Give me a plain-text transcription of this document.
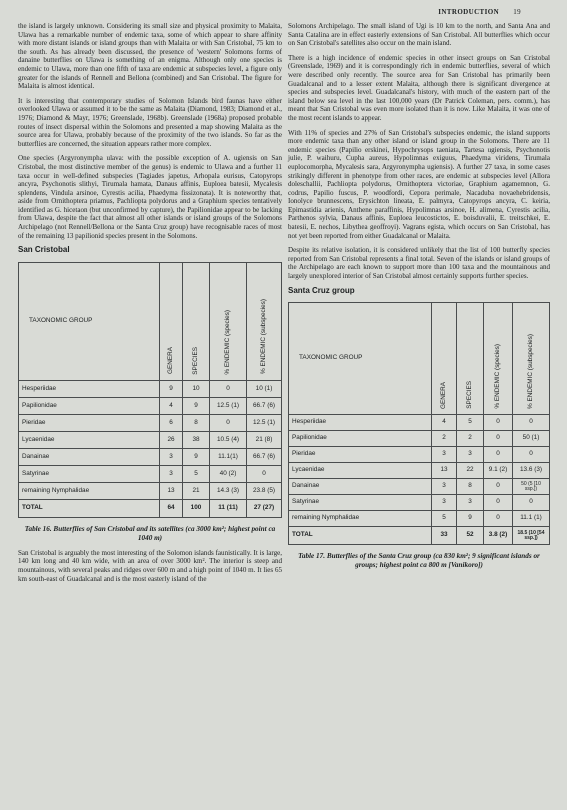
INTRODUCTION 19

the island is largely unknown. Considering its small size and physical proximity to Malaita, Ulawa has a remarkable number of endemic taxa, some of which appear to share affinity with more distant islands or island groups than with Malaita or with San Cristobal, 75 km to the south. As has already been discussed, the presence of 'western' Solomons forms of danaine butterflies on Ulawa is something of an enigma. Although only one species is endemic to Ulawa, more than one fifth of taxa are endemic at subspecies level, a figure only greater for the islands of Rennell and Bellona (combined) and San Cristobal. The figure for Malaita is almost identical.

It is interesting that contemporary studies of Solomon Islands bird faunas have either overlooked Ulawa or assumed it to be the same as Malaita (Diamond, 1983; Diamond et al., 1976; Diamond & Mayr, 1976; Greenslade, 1968b). Greenslade (1968a) proposed probable routes of insect dispersal within the Solomons and presented a map showing Malaita as the source area for Ulawa, probably because of the proximity of the two islands. So far as the butterflies are concerned, the situation appears rather more complex.

One species (Argyronympha ulava: with the possible exception of A. ugiensis on San Cristobal, the most distinctive member of the genus) is endemic to Ulawa and a further 11 taxa occur in well-defined subspecies (Tagiades japetus, Arhopala eurisus, Catopyrops ancyra, Psychonotis slithyi, Tirumala hamata, Danaus affinis, Euploea batesii, Mycalesis splendens, Vindula arsinoe, Cyrestis acilia, Phaedyma fissizonata). It is noteworthy that, aside from Ornithoptera priamus, Pachliopta polydorus and a Graphium species tentatively identified as G. hicetaon (but unconfirmed by capture), the Papilionidae appear to be lacking from Ulawa, despite the fact that almost all other islands or island groups of the Solomons Archipelago (not Rennell/Bellona or the Santa Cruz group) have recognisable races of most of the remaining 13 papilionid species present in the Solomons.

San Cristobal
TAXONOMIC GROUP	GENERA	SPECIES	% ENDEMIC (species)	% ENDEMIC (subspecies)
Hesperiidae	9	10	0	10 (1)
Papilionidae	4	9	12.5 (1)	66.7 (6)
Pieridae	6	8	0	12.5 (1)
Lycaenidae	26	38	10.5 (4)	21 (8)
Danainae	3	9	11.1(1)	66.7 (6)
Satyrinae	3	5	40 (2)	0
remaining Nymphalidae	13	21	14.3 (3)	23.8 (5)
TOTAL	64	100	11 (11)	27 (27)
Table 16. Butterflies of San Cristobal and its satellites (ca 3000 km²; highest point ca 1040 m)

San Cristobal is arguably the most interesting of the Solomon islands faunistically. It is large, 140 km long and 40 km wide, with an area of over 3000 km². The interior is steep and mountainous, with several peaks and ridges over 600 m and a high point of 1040 m. It lies 65 km south-east of Guadalcanal and is the most easterly island of the

Solomons Archipelago. The small island of Ugi is 10 km to the north, and Santa Ana and Santa Catalina are in effect easterly extensions of San Cristobal. All butterflies which occur on San Cristobal's satellites also occur on the main island.

There is a high incidence of endemic species in other insect groups on San Cristobal (Greenslade, 1969) and it is correspondingly rich in endemic butterflies, several of which were described only recently. The source area for San Cristobal has primarily been Guadalcanal and to a lesser extent Malaita, although there is significant divergence at species and subspecies level. Guadalcanal's history, with much of the eastern part of the island below sea level in the last 100,000 years (Dr Patrick Coleman, pers. comm.), has meant that San Cristobal was even more isolated than it is now. Like Malaita, it was one of the most recent islands to appear.

With 11% of species and 27% of San Cristobal's subspecies endemic, the island supports more endemic taxa than any other island or island group in the Solomons. There are 11 endemic species (Papilio erskinei, Hypochrysops taeniata, Tartesa ugiensis, Psychonotis julie, P. waihuru, Cupha aureus, Hypolimnas exiguus, Phaedyma viridens, Tirumala euplocomorpha, Mycalesis sara, Argyronympha ugiensis). A further 27 taxa, in some cases strikingly different in phenotype from other races, are endemic at subspecies level (Allora doleschallii, Pachliopta polydorus, Ornithoptera victoriae, Graphium agamemnon, G. codrus, Papilio fuscus, P. woodfordi, Cepora perimale, Nacaduba novaehebridensis, Ionolyce brunnescens, Erysichton lineata, E. palmyra, Catopyrops ancyra, C. keiria, Epimastidia arienis, Anthene paraffinis, Hypolimnas arsinoe, H. alimena, Cyrestis acilia, Parthenos sylvia, Danaus affinis, Euploea leucostictos, E. boisduvalii, E. treitschkei, E. batesii, E. nechos, Libythea geoffroyi). Vagrans egista, which occurs on San Cristobal, has not yet been reported from either Guadalcanal or Malaita.

Despite its relative isolation, it is considered unlikely that the list of 100 butterfly species reported from San Cristobal represents a final total. Seven of the islands or island groups of the Archipelago are each known to support more than 100 taxa and the mountainous and largely unexplored interior of San Cristobal almost certainly supports further species.

Santa Cruz group
TAXONOMIC GROUP	GENERA	SPECIES	% ENDEMIC (species)	% ENDEMIC (subspecies)
Hesperiidae	4	5	0	0
Papilionidae	2	2	0	50 (1)
Pieridae	3	3	0	0
Lycaenidae	13	22	9.1 (2)	13.6 (3)
Danainae	3	8	0	50 (5 [10 ssp.])
Satyrinae	3	3	0	0
remaining Nymphalidae	5	9	0	11.1 (1)
TOTAL	33	52	3.8 (2)	18.5 (10 [54 ssp.])
Table 17. Butterflies of the Santa Cruz group (ca 830 km²; 9 significant islands or groups; highest point ca 800 m [Vanikoro])
